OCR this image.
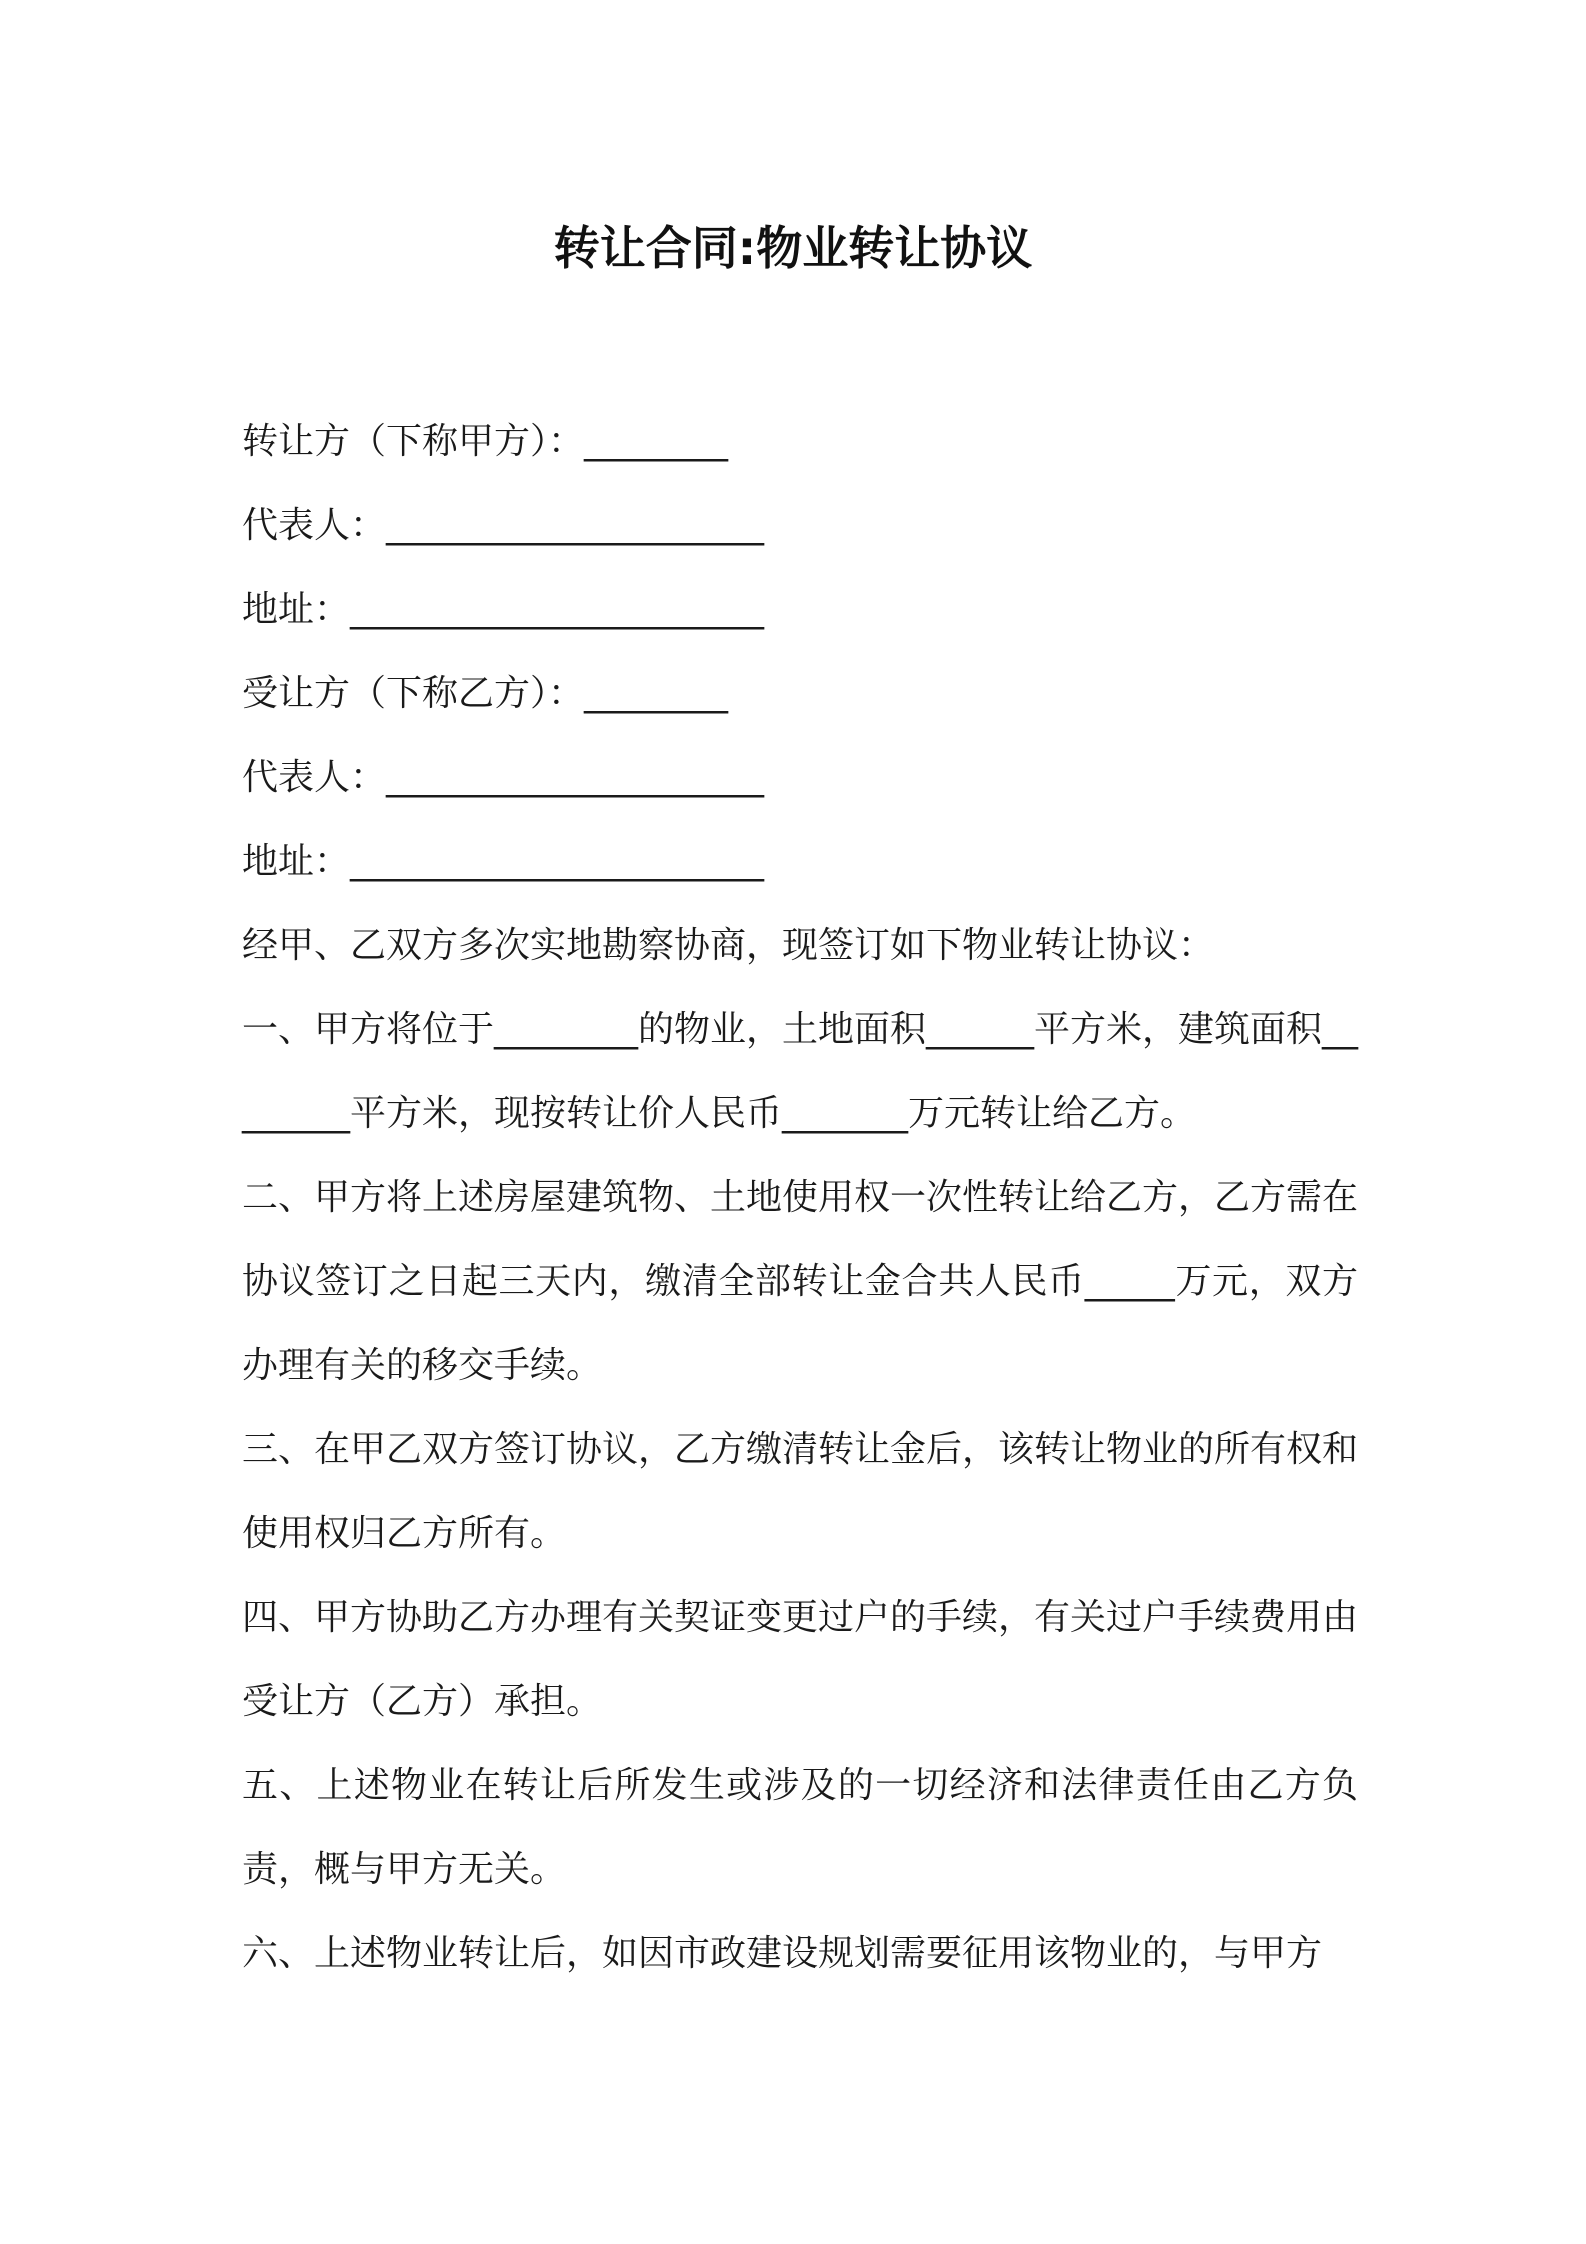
转让合同:物业转让协议
转让方（下称甲方）：________
代表人：_____________________
地址：_______________________
受让方（下称乙方）：________
代表人：_____________________
地址：_______________________
经甲、乙双方多次实地勘察协商，现签订如下物业转让协议：
一、甲方将位于________的物业，土地面积______平方米，建筑面积________平方米，现按转让价人民币_______万元转让给乙方。
二、甲方将上述房屋建筑物、土地使用权一次性转让给乙方，乙方需在协议签订之日起三天内，缴清全部转让金合共人民币_____万元，双方办理有关的移交手续。
三、在甲乙双方签订协议，乙方缴清转让金后，该转让物业的所有权和使用权归乙方所有。
四、甲方协助乙方办理有关契证变更过户的手续，有关过户手续费用由受让方（乙方）承担。
五、上述物业在转让后所发生或涉及的一切经济和法律责任由乙方负责，概与甲方无关。
六、上述物业转让后，如因市政建设规划需要征用该物业的，与甲方
